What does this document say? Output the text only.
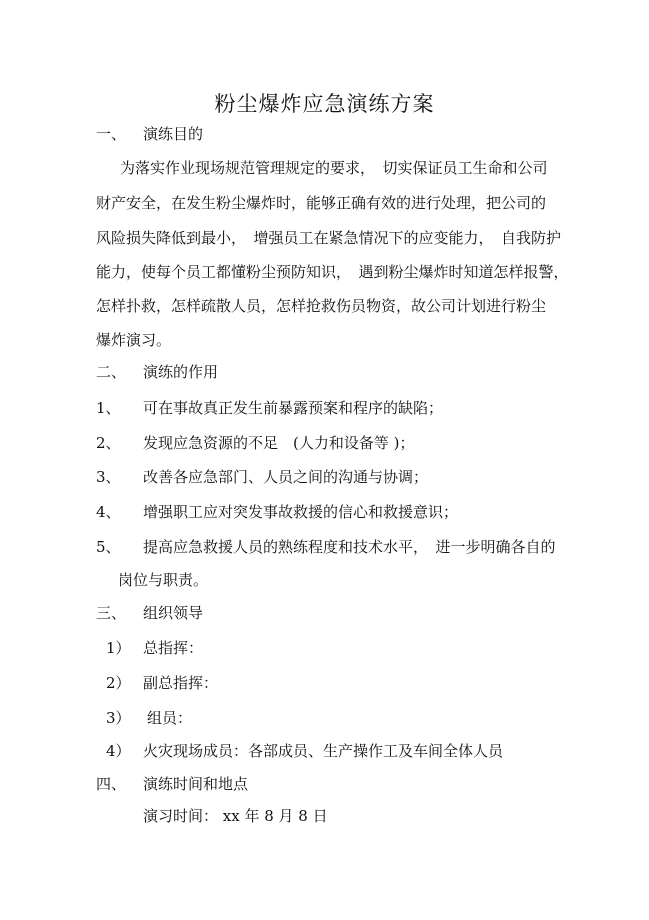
粉尘爆炸应急演练方案
一、 演练目的
为落实作业现场规范管理规定的要求，　切实保证员工生命和公司
财产安全，在发生粉尘爆炸时，能够正确有效的进行处理，把公司的
风险损失降低到最小，　增强员工在紧急情况下的应变能力，　自我防护
能力，使每个员工都懂粉尘预防知识，　遇到粉尘爆炸时知道怎样报警，
怎样扑救，怎样疏散人员，怎样抢救伤员物资，故公司计划进行粉尘
爆炸演习。
二、 演练的作用
1、 可在事故真正发生前暴露预案和程序的缺陷；
2、 发现应急资源的不足　(人力和设备等 )；
3、 改善各应急部门、人员之间的沟通与协调；
4、 增强职工应对突发事故救援的信心和救援意识；
5、 提高应急救援人员的熟练程度和技术水平，　进一步明确各自的
岗位与职责。
三、 组织领导
1） 总指挥：
2） 副总指挥：
3） 组员：
4） 火灾现场成员：各部成员、生产操作工及车间全体人员
四、 演练时间和地点
演习时间： xx 年 8 月 8 日
